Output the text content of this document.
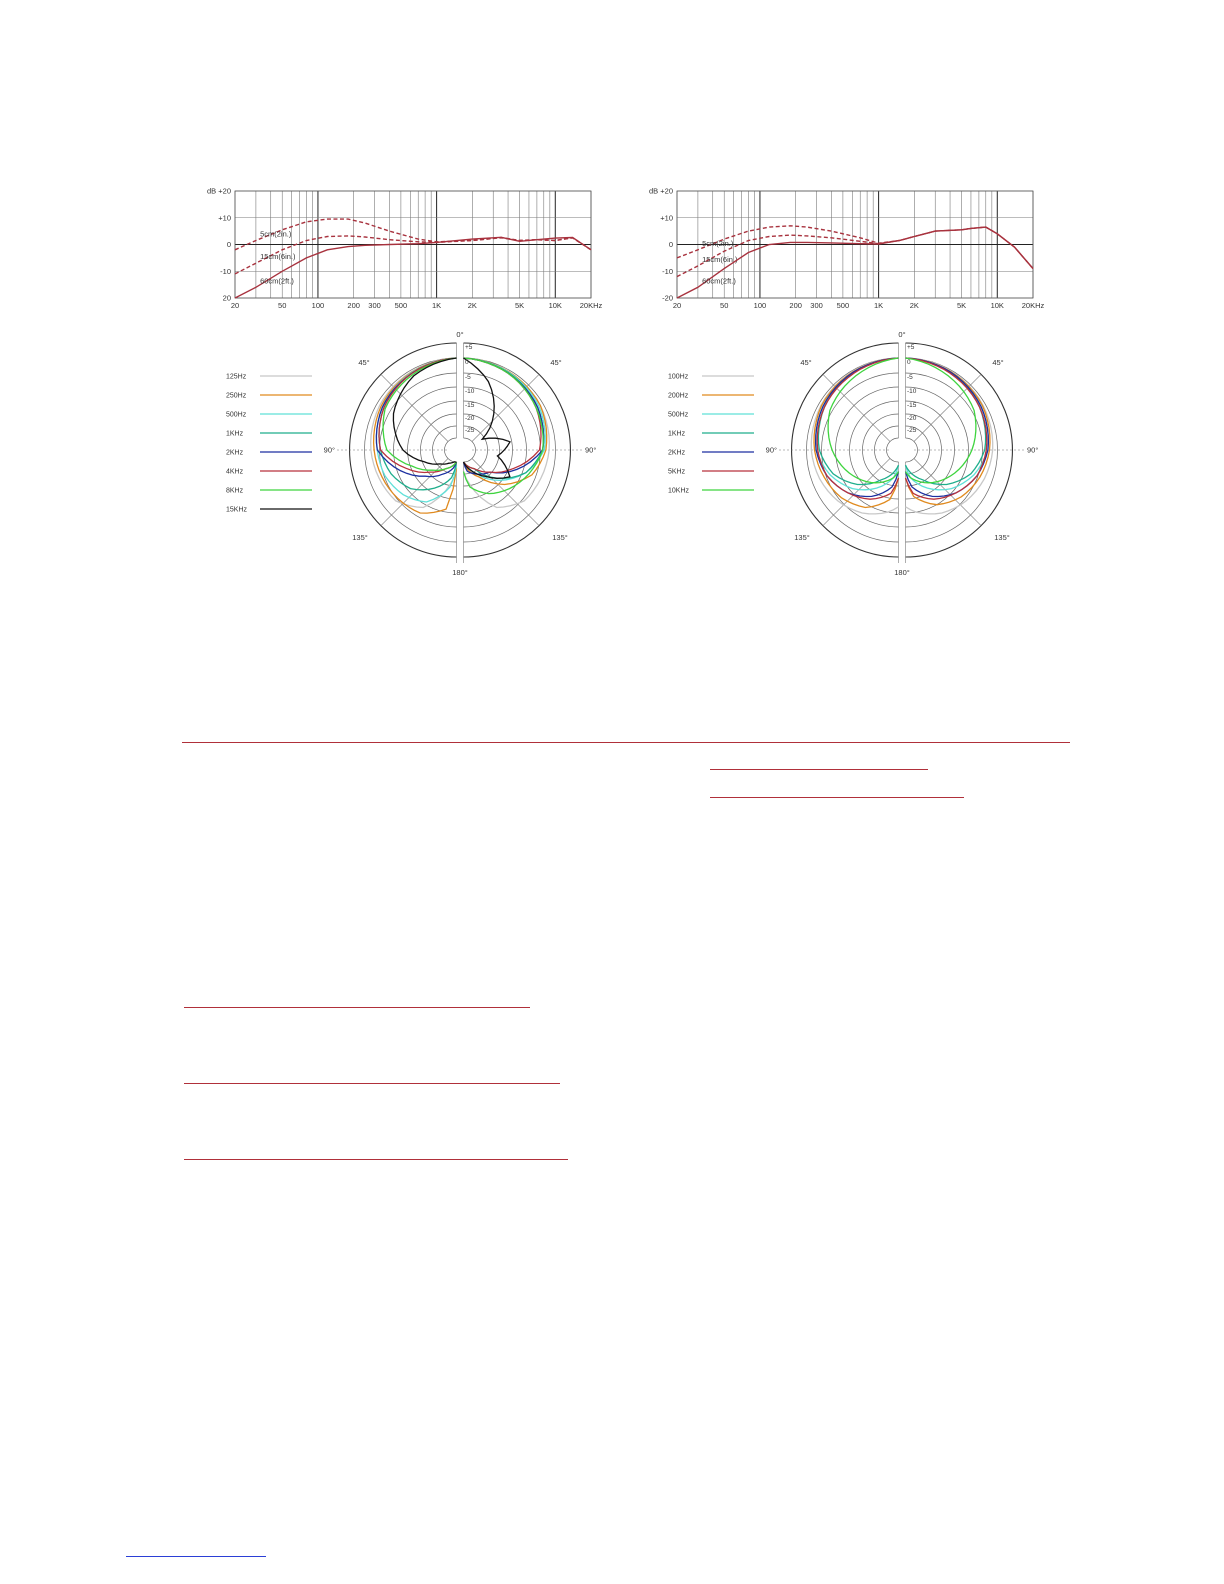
5cm(2in.)
15cm(6in.)
60cm(2ft.)
dB +20
+10
0
-10
20
20	50	100	200 300 500	1K	2K	5K	10K 20KHz
5cm(2in.)
15cm(6in.)
60cm(2ft.)
dB +20
+10
0
-10
-20
20	50	100	200 300 500	1K	2K	5K	10K 20KHz
125Hz
250Hz
500Hz
1KHz
2KHz
4KHz
8KHz
15KHz
+5
0
-5
-10
-15
-20
-25
0°
90°	90°
180°
45°	45°
135°	135°
100Hz
200Hz
500Hz
1KHz
2KHz
5KHz
10KHz
+5
0
-5
-10
-15
-20
-25
0°
90°	90°
180°
45°	45°
135°	135°
